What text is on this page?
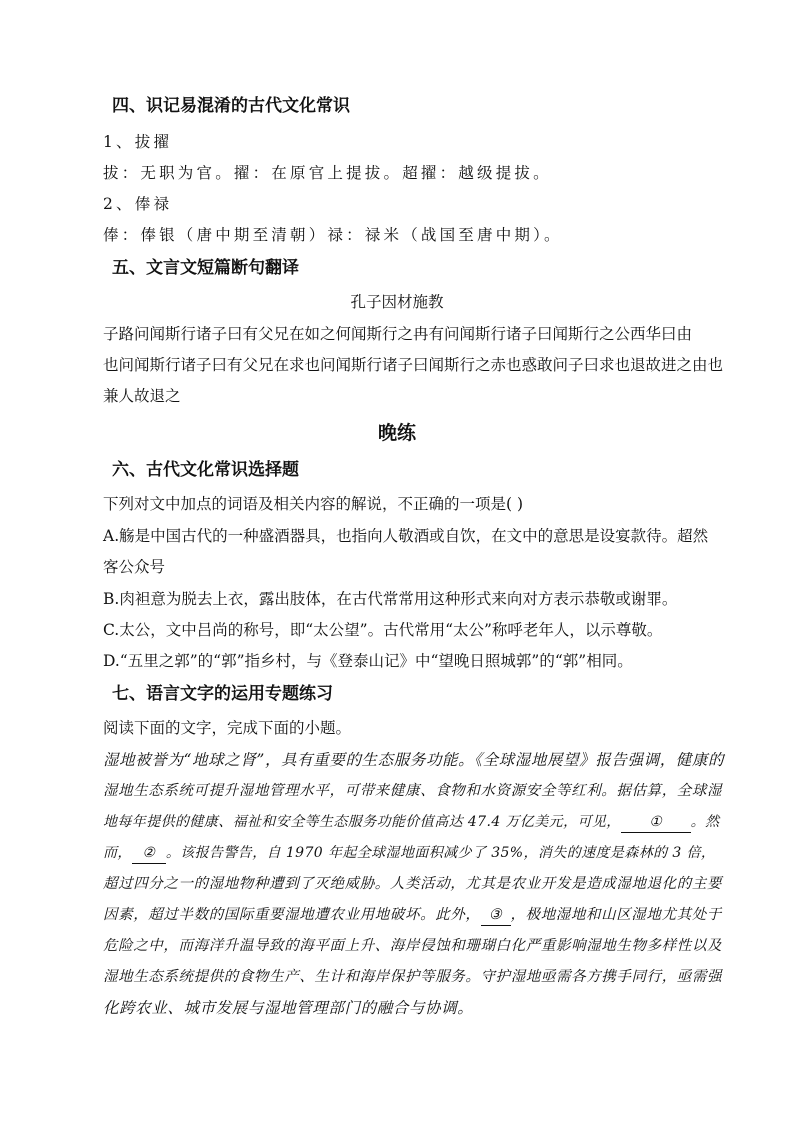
四、识记易混淆的古代文化常识
1、拔擢
拔：无职为官。擢：在原官上提拔。超擢：越级提拔。
2、俸禄
俸：俸银（唐中期至清朝）禄：禄米（战国至唐中期）。
五、文言文短篇断句翻译
孔子因材施教
子路问闻斯行诸子曰有父兄在如之何闻斯行之冉有问闻斯行诸子曰闻斯行之公西华曰由
也问闻斯行诸子曰有父兄在求也问闻斯行诸子曰闻斯行之赤也惑敢问子曰求也退故进之由也
兼人故退之
晚练
六、古代文化常识选择题
下列对文中加点的词语及相关内容的解说，不正确的一项是( )
A.觞是中国古代的一种盛酒器具，也指向人敬酒或自饮，在文中的意思是设宴款待。超然
客公众号
B.肉袒意为脱去上衣，露出肢体，在古代常常用这种形式来向对方表示恭敬或谢罪。
C.太公，文中吕尚的称号，即“太公望”。古代常用“太公”称呼老年人，以示尊敬。
D.“五里之郭”的“郭”指乡村，与《登泰山记》中“望晚日照城郭”的“郭”相同。
七、语言文字的运用专题练习
阅读下面的文字，完成下面的小题。
湿地被誉为“地球之肾”，具有重要的生态服务功能。《全球湿地展望》报告强调，健康的
湿地生态系统可提升湿地管理水平，可带来健康、食物和水资源安全等红利。据估算，全球湿
地每年提供的健康、福祉和安全等生态服务功能价值高达 47.4 万亿美元，可见， ① 。然
而， ② 。该报告警告，自 1970 年起全球湿地面积减少了 35%，消失的速度是森林的 3 倍，
超过四分之一的湿地物种遭到了灭绝威胁。人类活动，尤其是农业开发是造成湿地退化的主要
因素，超过半数的国际重要湿地遭农业用地破坏。此外， ③ ，极地湿地和山区湿地尤其处于
危险之中，而海洋升温导致的海平面上升、海岸侵蚀和珊瑚白化严重影响湿地生物多样性以及
湿地生态系统提供的食物生产、生计和海岸保护等服务。守护湿地亟需各方携手同行，亟需强
化跨农业、城市发展与湿地管理部门的融合与协调。
